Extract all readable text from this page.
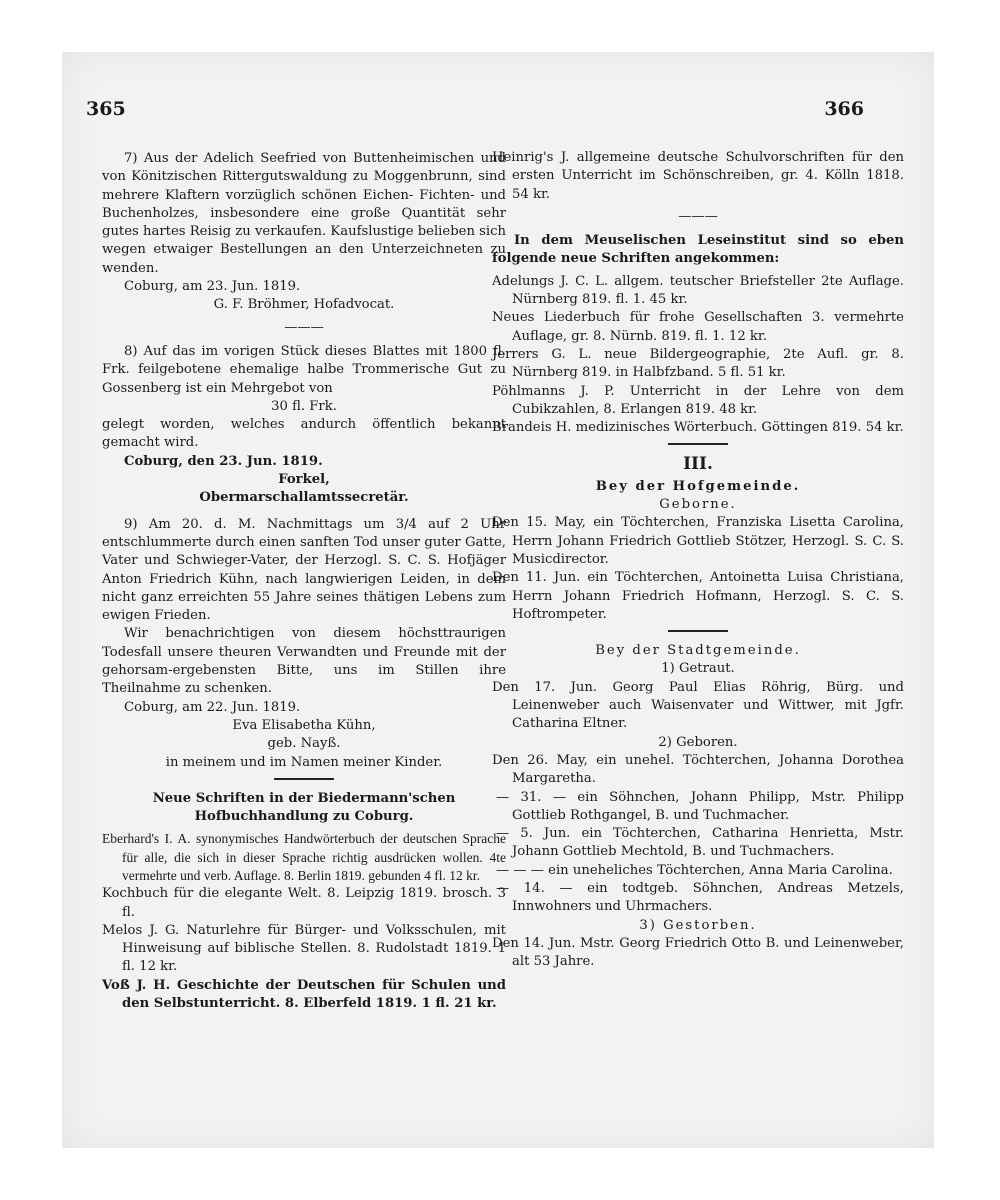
365	366

7) Aus der Adelich Seefried von Buttenheimischen und von Könitzischen Rittergutswaldung zu Moggenbrunn, sind mehrere Klaftern vorzüglich schönen Eichen- Fichten- und Buchenholzes, insbesondere eine große Quantität sehr gutes hartes Reisig zu verkaufen. Kaufslustige belieben sich wegen etwaiger Bestellungen an den Unterzeichneten zu wenden.

Coburg, am 23. Jun. 1819.

G. F. Bröhmer, Hofadvocat.

———

8) Auf das im vorigen Stück dieses Blattes mit 1800 fl. Frk. feilgebotene ehemalige halbe Trommerische Gut zu Gossenberg ist ein Mehrgebot von

30 fl. Frk.

gelegt worden, welches andurch öffentlich bekannt gemacht wird.

Coburg, den 23. Jun. 1819.

Forkel,

Obermarschallamtssecretär.

9) Am 20. d. M. Nachmittags um 3/4 auf 2 Uhr entschlummerte durch einen sanften Tod unser guter Gatte, Vater und Schwieger-Vater, der Herzogl. S. C. S. Hofjäger Anton Friedrich Kühn, nach langwierigen Leiden, in dem nicht ganz erreichten 55 Jahre seines thätigen Lebens zum ewigen Frieden.

Wir benachrichtigen von diesem höchsttraurigen Todesfall unsere theuren Verwandten und Freunde mit der gehorsam-ergebensten Bitte, uns im Stillen ihre Theilnahme zu schenken.

Coburg, am 22. Jun. 1819.

Eva Elisabetha Kühn,

geb. Nayß.

in meinem und im Namen meiner Kinder.

Neue Schriften in der Biedermann'schen

Hofbuchhandlung zu Coburg.

Eberhard's I. A. synonymisches Handwörterbuch der deutschen Sprache für alle, die sich in dieser Sprache richtig ausdrücken wollen. 4te vermehrte und verb. Auflage. 8. Berlin 1819. gebunden 4 fl. 12 kr.

Kochbuch für die elegante Welt. 8. Leipzig 1819. brosch. 3 fl.

Melos J. G. Naturlehre für Bürger- und Volksschulen, mit Hinweisung auf biblische Stellen. 8. Rudolstadt 1819. 1 fl. 12 kr.

Voß J. H. Geschichte der Deutschen für Schulen und den Selbstunterricht. 8. Elberfeld 1819. 1 fl. 21 kr.

Heinrig's J. allgemeine deutsche Schulvorschriften für den ersten Unterricht im Schönschreiben, gr. 4. Kölln 1818. 54 kr.

———

In dem Meuselischen Leseinstitut sind so eben folgende neue Schriften angekommen:

Adelungs J. C. L. allgem. teutscher Briefsteller 2te Auflage. Nürnberg 819. fl. 1. 45 kr.

Neues Liederbuch für frohe Gesellschaften 3. vermehrte Auflage, gr. 8. Nürnb. 819. fl. 1. 12 kr.

Jerrers G. L. neue Bildergeographie, 2te Aufl. gr. 8. Nürnberg 819. in Halbfzband. 5 fl. 51 kr.

Pöhlmanns J. P. Unterricht in der Lehre von dem Cubikzahlen, 8. Erlangen 819. 48 kr.

Brandeis H. medizinisches Wörterbuch. Göttingen 819. 54 kr.

III.

Bey der Hofgemeinde.

Geborne.

Den 15. May, ein Töchterchen, Franziska Lisetta Carolina, Herrn Johann Friedrich Gottlieb Stötzer, Herzogl. S. C. S. Musicdirector.

Den 11. Jun. ein Töchterchen, Antoinetta Luisa Christiana, Herrn Johann Friedrich Hofmann, Herzogl. S. C. S. Hoftrompeter.

Bey der Stadtgemeinde.

1) Getraut.

Den 17. Jun. Georg Paul Elias Röhrig, Bürg. und Leinenweber auch Waisenvater und Wittwer, mit Jgfr. Catharina Eltner.

2) Geboren.

Den 26. May, ein unehel. Töchterchen, Johanna Dorothea Margaretha.

— 31. — ein Söhnchen, Johann Philipp, Mstr. Philipp Gottlieb Rothgangel, B. und Tuchmacher.

— 5. Jun. ein Töchterchen, Catharina Henrietta, Mstr. Johann Gottlieb Mechtold, B. und Tuchmachers.

— — — ein uneheliches Töchterchen, Anna Maria Carolina.

— 14. — ein todtgeb. Söhnchen, Andreas Metzels, Innwohners und Uhrmachers.

3) Gestorben.

Den 14. Jun. Mstr. Georg Friedrich Otto B. und Leinenweber, alt 53 Jahre.
